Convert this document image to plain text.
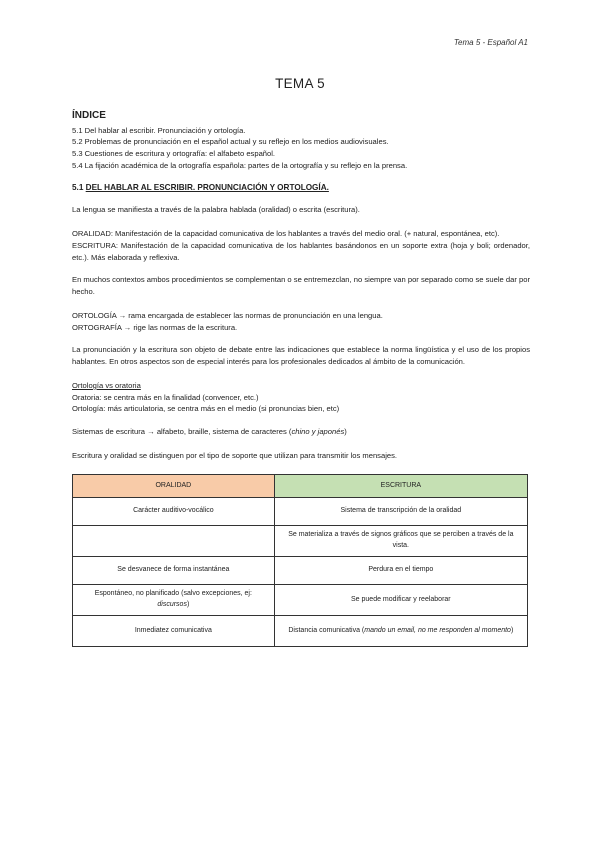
Tema 5 - Español A1
TEMA 5
ÍNDICE
5.1 Del hablar al escribir. Pronunciación y ortología.
5.2 Problemas de pronunciación en el español actual y su reflejo en los medios audiovisuales.
5.3 Cuestiones de escritura y ortografía: el alfabeto español.
5.4 La fijación académica de la ortografía española: partes de la ortografía y su reflejo en la prensa.
5.1 DEL HABLAR AL ESCRIBIR. PRONUNCIACIÓN Y ORTOLOGÍA.

La lengua se manifiesta a través de la palabra hablada (oralidad) o escrita (escritura).

ORALIDAD: Manifestación de la capacidad comunicativa de los hablantes a través del medio oral. (+ natural, espontánea, etc).
ESCRITURA: Manifestación de la capacidad comunicativa de los hablantes basándonos en un soporte extra (hoja y boli; ordenador, etc.). Más elaborada y reflexiva.

En muchos contextos ambos procedimientos se complementan o se entremezclan, no siempre van por separado como se suele dar por hecho.

ORTOLOGÍA → rama encargada de establecer las normas de pronunciación en una lengua.
ORTOGRAFÍA → rige las normas de la escritura.

La pronunciación y la escritura son objeto de debate entre las indicaciones que establece la norma lingüística y el uso de los propios hablantes. En otros aspectos son de especial interés para los profesionales dedicados al ámbito de la comunicación.

Ortología vs oratoria
Oratoria: se centra más en la finalidad (convencer, etc.)
Ortología: más articulatoria, se centra más en el medio (si pronuncias bien, etc)

Sistemas de escritura → alfabeto, braille, sistema de caracteres (chino y japonés)

Escritura y oralidad se distinguen por el tipo de soporte que utilizan para transmitir los mensajes.

ORALIDAD	ESCRITURA
Carácter auditivo-vocálico	Sistema de transcripción de la oralidad
	Se materializa a través de signos gráficos que se perciben a través de la vista.
Se desvanece de forma instantánea	Perdura en el tiempo
Espontáneo, no planificado (salvo excepciones, ej: discursos)	Se puede modificar y reelaborar
Inmediatez comunicativa	Distancia comunicativa (mando un email, no me responden al momento)
